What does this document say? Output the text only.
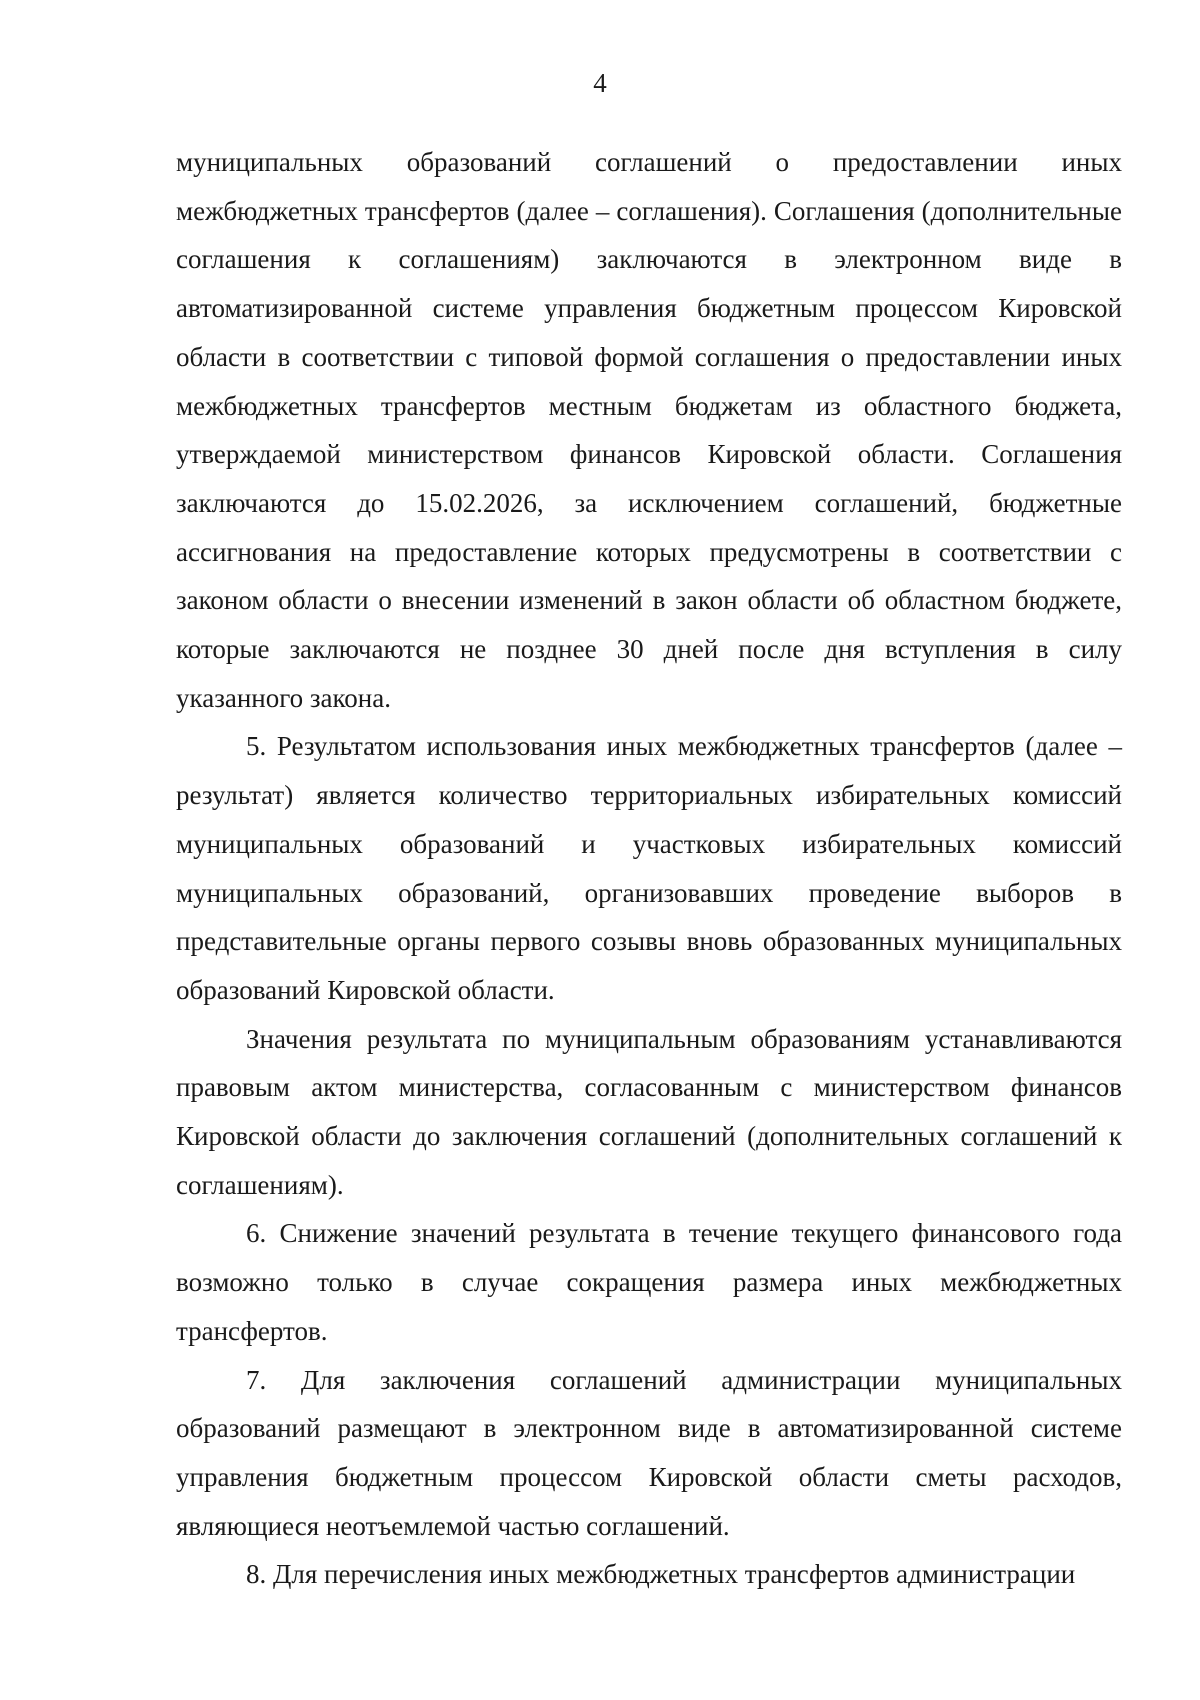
4

муниципальных образований соглашений о предоставлении иных межбюджетных трансфертов (далее – соглашения). Соглашения (дополнительные соглашения к соглашениям) заключаются в электронном виде в автоматизированной системе управления бюджетным процессом Кировской области в соответствии с типовой формой соглашения о предоставлении иных межбюджетных трансфертов местным бюджетам из областного бюджета, утверждаемой министерством финансов Кировской области. Соглашения заключаются до 15.02.2026, за исключением соглашений, бюджетные ассигнования на предоставление которых предусмотрены в соответствии с законом области о внесении изменений в закон области об областном бюджете, которые заключаются не позднее 30 дней после дня вступления в силу указанного закона.

5. Результатом использования иных межбюджетных трансфертов (далее – результат) является количество территориальных избирательных комиссий муниципальных образований и участковых избирательных комиссий муниципальных образований, организовавших проведение выборов в представительные органы первого созывы вновь образованных муниципальных образований Кировской области.

Значения результата по муниципальным образованиям устанавливаются правовым актом министерства, согласованным с министерством финансов Кировской области до заключения соглашений (дополнительных соглашений к соглашениям).

6. Снижение значений результата в течение текущего финансового года возможно только в случае сокращения размера иных межбюджетных трансфертов.

7. Для заключения соглашений администрации муниципальных образований размещают в электронном виде в автоматизированной системе управления бюджетным процессом Кировской области сметы расходов, являющиеся неотъемлемой частью соглашений.

8. Для перечисления иных межбюджетных трансфертов администрации
